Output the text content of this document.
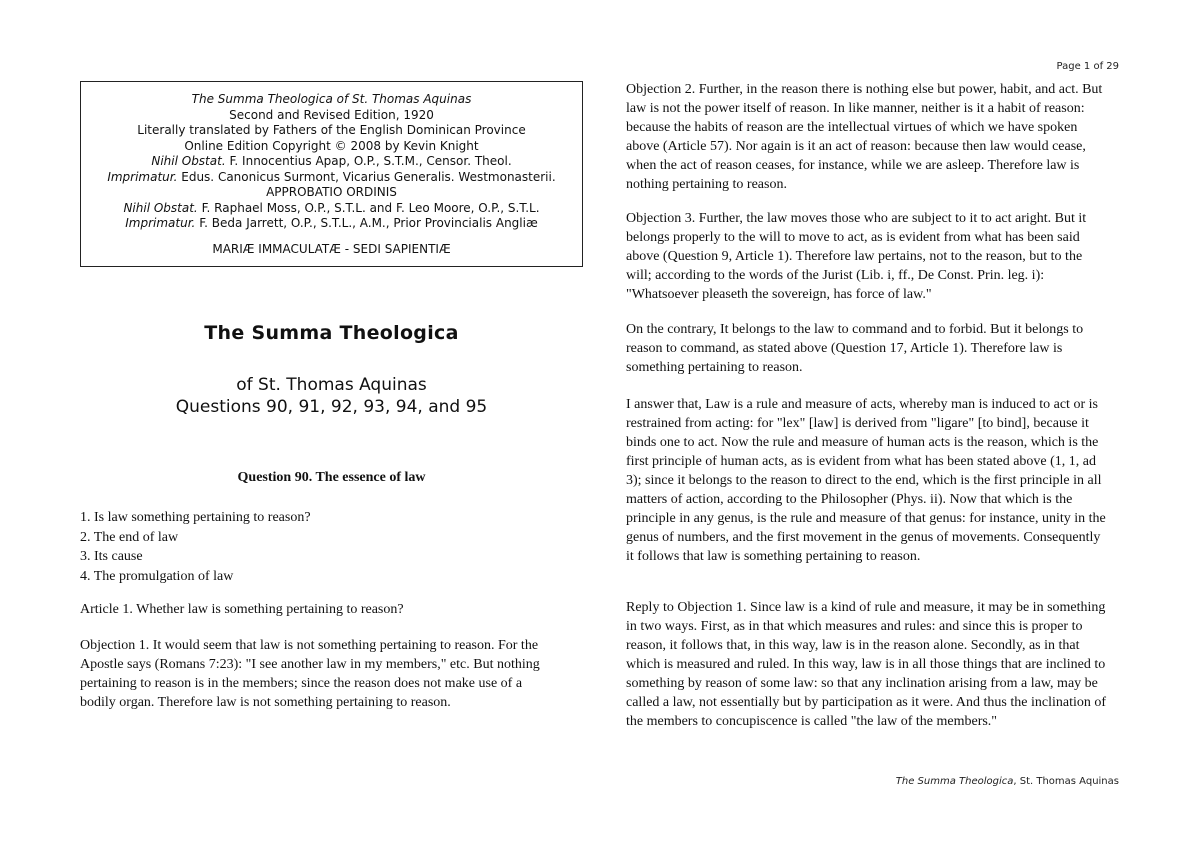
Page 1 of 29
The Summa Theologica of St. Thomas Aquinas
Second and Revised Edition, 1920
Literally translated by Fathers of the English Dominican Province
Online Edition Copyright © 2008 by Kevin Knight
Nihil Obstat. F. Innocentius Apap, O.P., S.T.M., Censor. Theol.
Imprimatur. Edus. Canonicus Surmont, Vicarius Generalis. Westmonasterii.
APPROBATIO ORDINIS
Nihil Obstat. F. Raphael Moss, O.P., S.T.L. and F. Leo Moore, O.P., S.T.L.
Imprimatur. F. Beda Jarrett, O.P., S.T.L., A.M., Prior Provincialis Angliæ
MARIÆ IMMACULATÆ - SEDI SAPIENTIÆ
The Summa Theologica
of St. Thomas Aquinas
Questions 90, 91, 92, 93, 94, and 95
Question 90. The essence of law
1. Is law something pertaining to reason?
2. The end of law
3. Its cause
4. The promulgation of law

Article 1. Whether law is something pertaining to reason?

Objection 1. It would seem that law is not something pertaining to reason. For the Apostle says (Romans 7:23): "I see another law in my members," etc. But nothing pertaining to reason is in the members; since the reason does not make use of a bodily organ. Therefore law is not something pertaining to reason.

Objection 2. Further, in the reason there is nothing else but power, habit, and act. But law is not the power itself of reason. In like manner, neither is it a habit of reason: because the habits of reason are the intellectual virtues of which we have spoken above (Article 57). Nor again is it an act of reason: because then law would cease, when the act of reason ceases, for instance, while we are asleep. Therefore law is nothing pertaining to reason.

Objection 3. Further, the law moves those who are subject to it to act aright. But it belongs properly to the will to move to act, as is evident from what has been said above (Question 9, Article 1). Therefore law pertains, not to the reason, but to the will; according to the words of the Jurist (Lib. i, ff., De Const. Prin. leg. i): "Whatsoever pleaseth the sovereign, has force of law."

On the contrary, It belongs to the law to command and to forbid. But it belongs to reason to command, as stated above (Question 17, Article 1). Therefore law is something pertaining to reason.

I answer that, Law is a rule and measure of acts, whereby man is induced to act or is restrained from acting: for "lex" [law] is derived from "ligare" [to bind], because it binds one to act. Now the rule and measure of human acts is the reason, which is the first principle of human acts, as is evident from what has been stated above (1, 1, ad 3); since it belongs to the reason to direct to the end, which is the first principle in all matters of action, according to the Philosopher (Phys. ii). Now that which is the principle in any genus, is the rule and measure of that genus: for instance, unity in the genus of numbers, and the first movement in the genus of movements. Consequently it follows that law is something pertaining to reason.

Reply to Objection 1. Since law is a kind of rule and measure, it may be in something in two ways. First, as in that which measures and rules: and since this is proper to reason, it follows that, in this way, law is in the reason alone. Secondly, as in that which is measured and ruled. In this way, law is in all those things that are inclined to something by reason of some law: so that any inclination arising from a law, may be called a law, not essentially but by participation as it were. And thus the inclination of the members to concupiscence is called "the law of the members."

The Summa Theologica, St. Thomas Aquinas
